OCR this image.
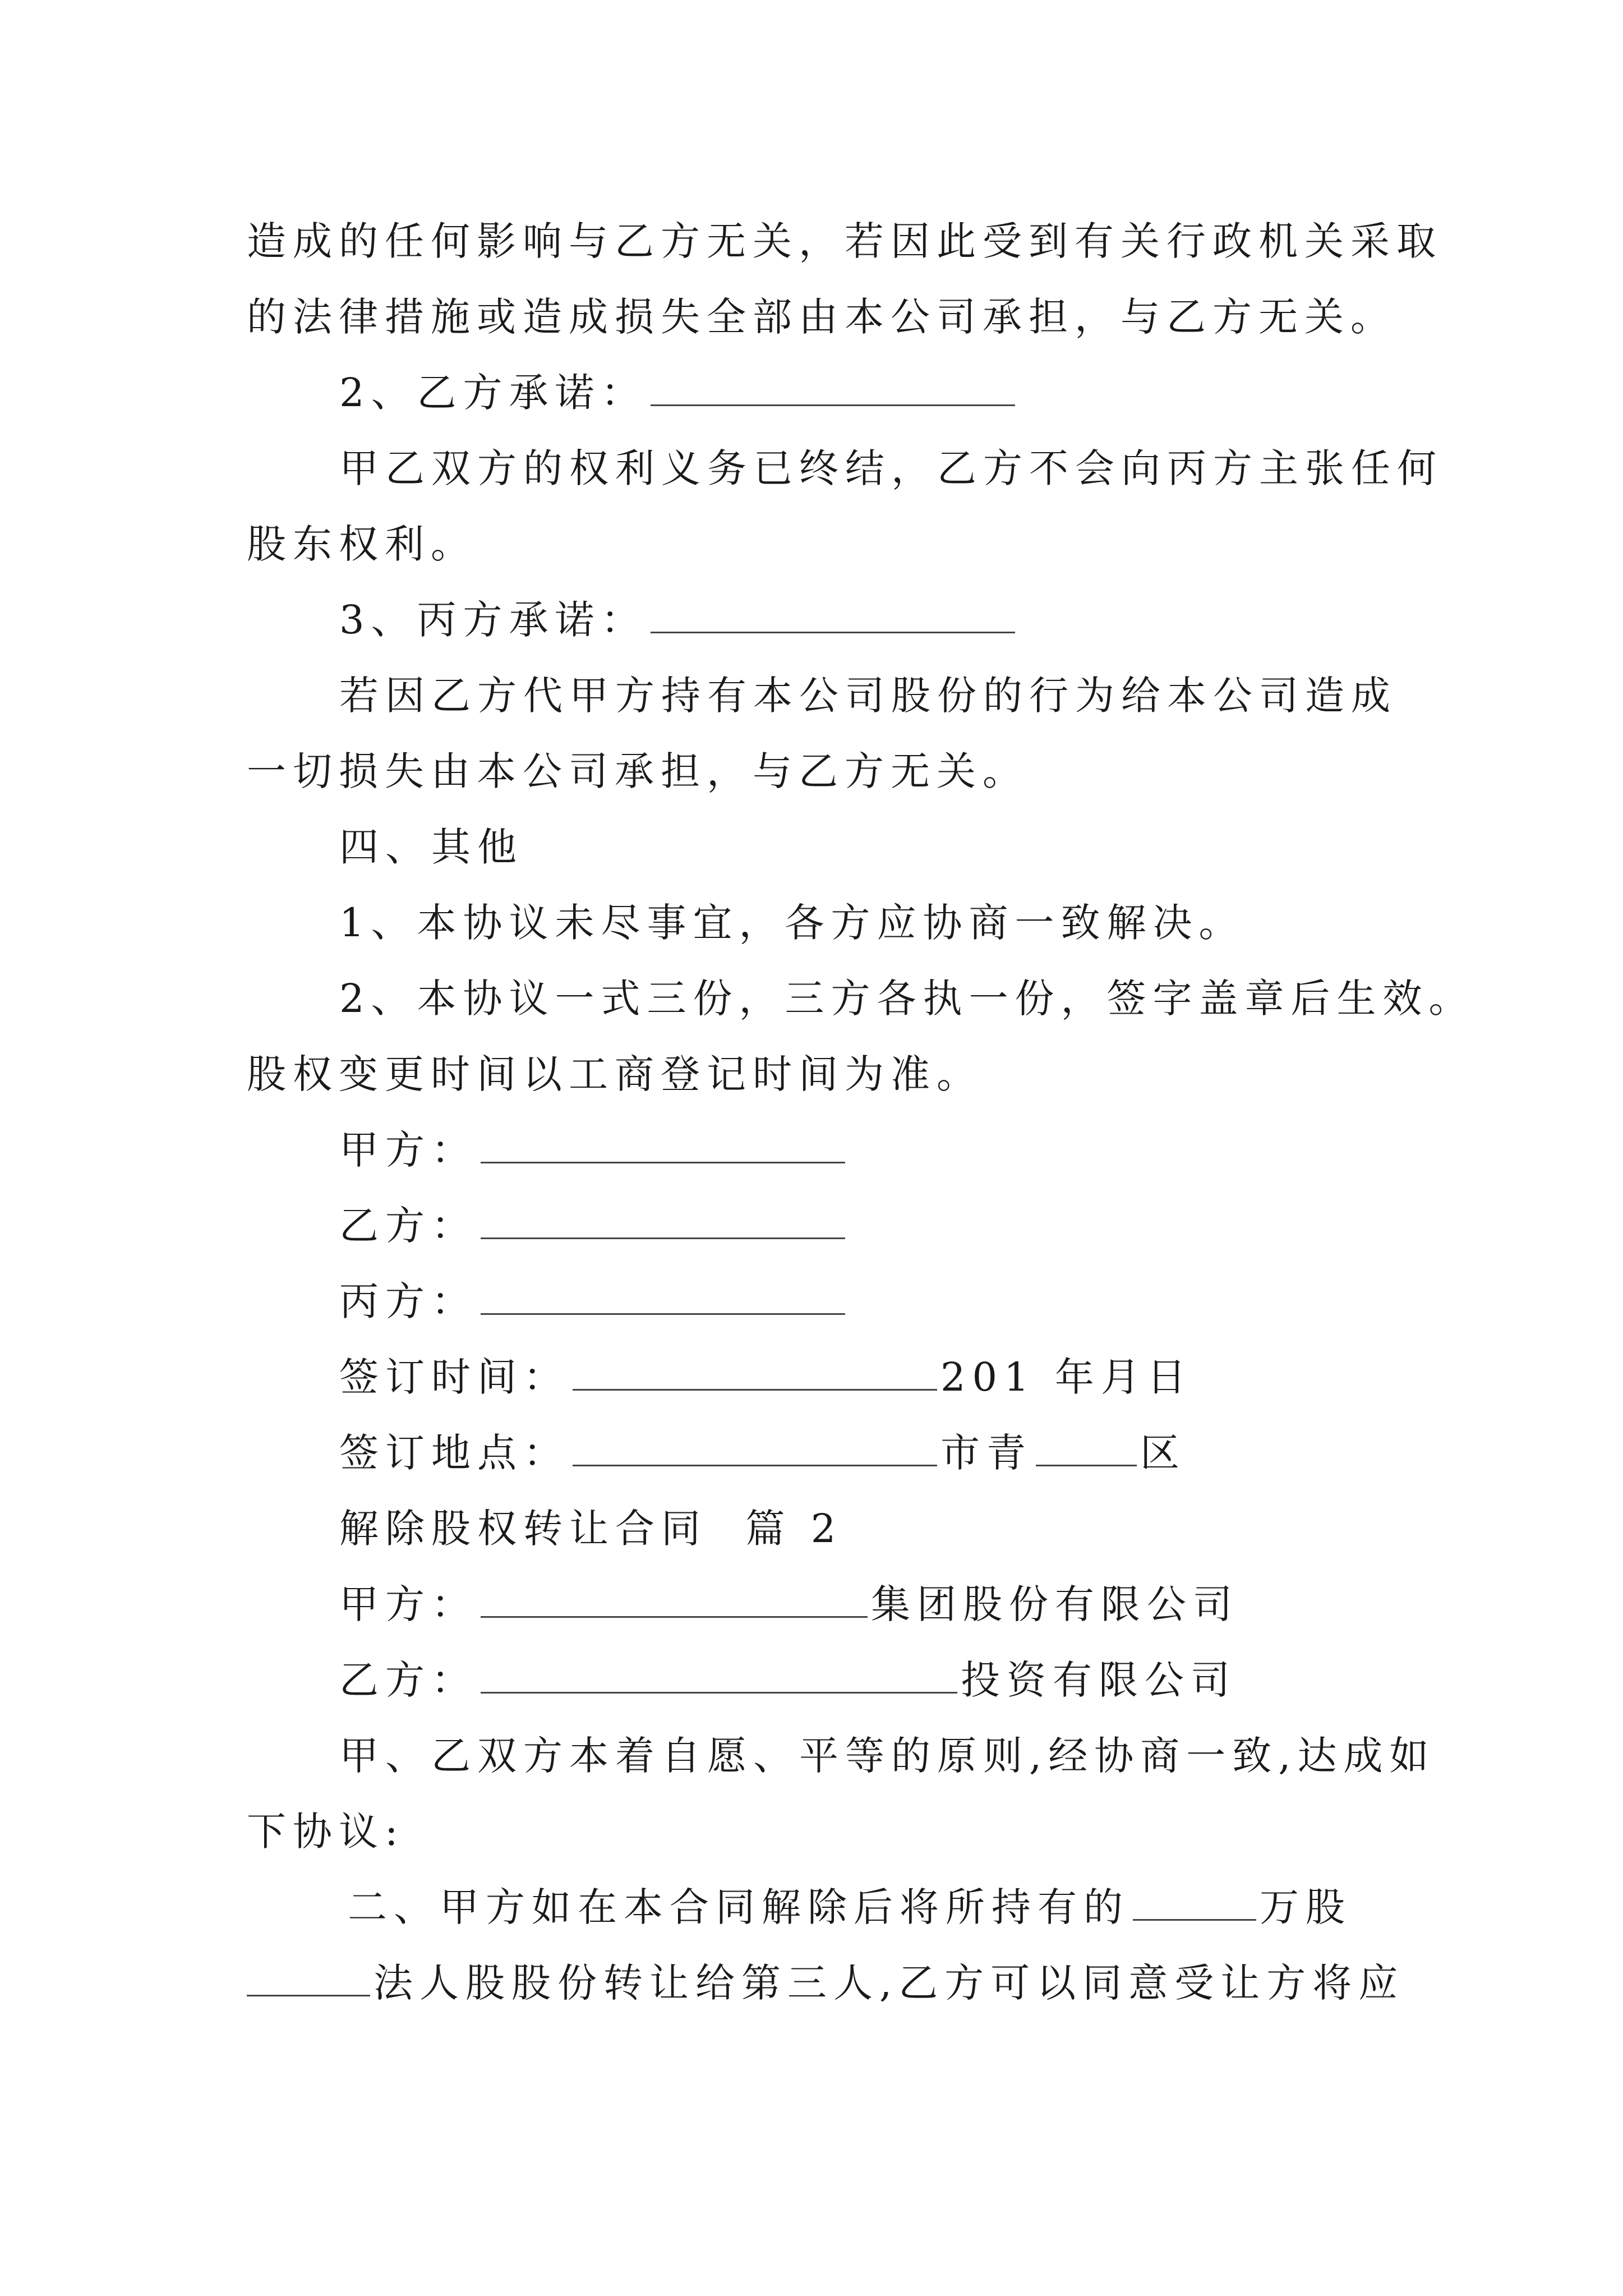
造成的任何影响与乙方无关，若因此受到有关行政机关采取
的法律措施或造成损失全部由本公司承担，与乙方无关。
2、乙方承诺：
甲乙双方的权利义务已终结，乙方不会向丙方主张任何
股东权利。
3、丙方承诺：
若因乙方代甲方持有本公司股份的行为给本公司造成
一切损失由本公司承担，与乙方无关。
四、其他
1、本协议未尽事宜，各方应协商一致解决。
2、本协议一式三份，三方各执一份，签字盖章后生效。
股权变更时间以工商登记时间为准。
甲方：
乙方：
丙方：
签订时间：	201 年月日
签订地点：	市青	区
解除股权转让合同  篇 2
甲方：	集团股份有限公司
乙方：	投资有限公司
甲、乙双方本着自愿、平等的原则,经协商一致,达成如
下协议:
二、甲方如在本合同解除后将所持有的	万股
法人股股份转让给第三人,乙方可以同意受让方将应
